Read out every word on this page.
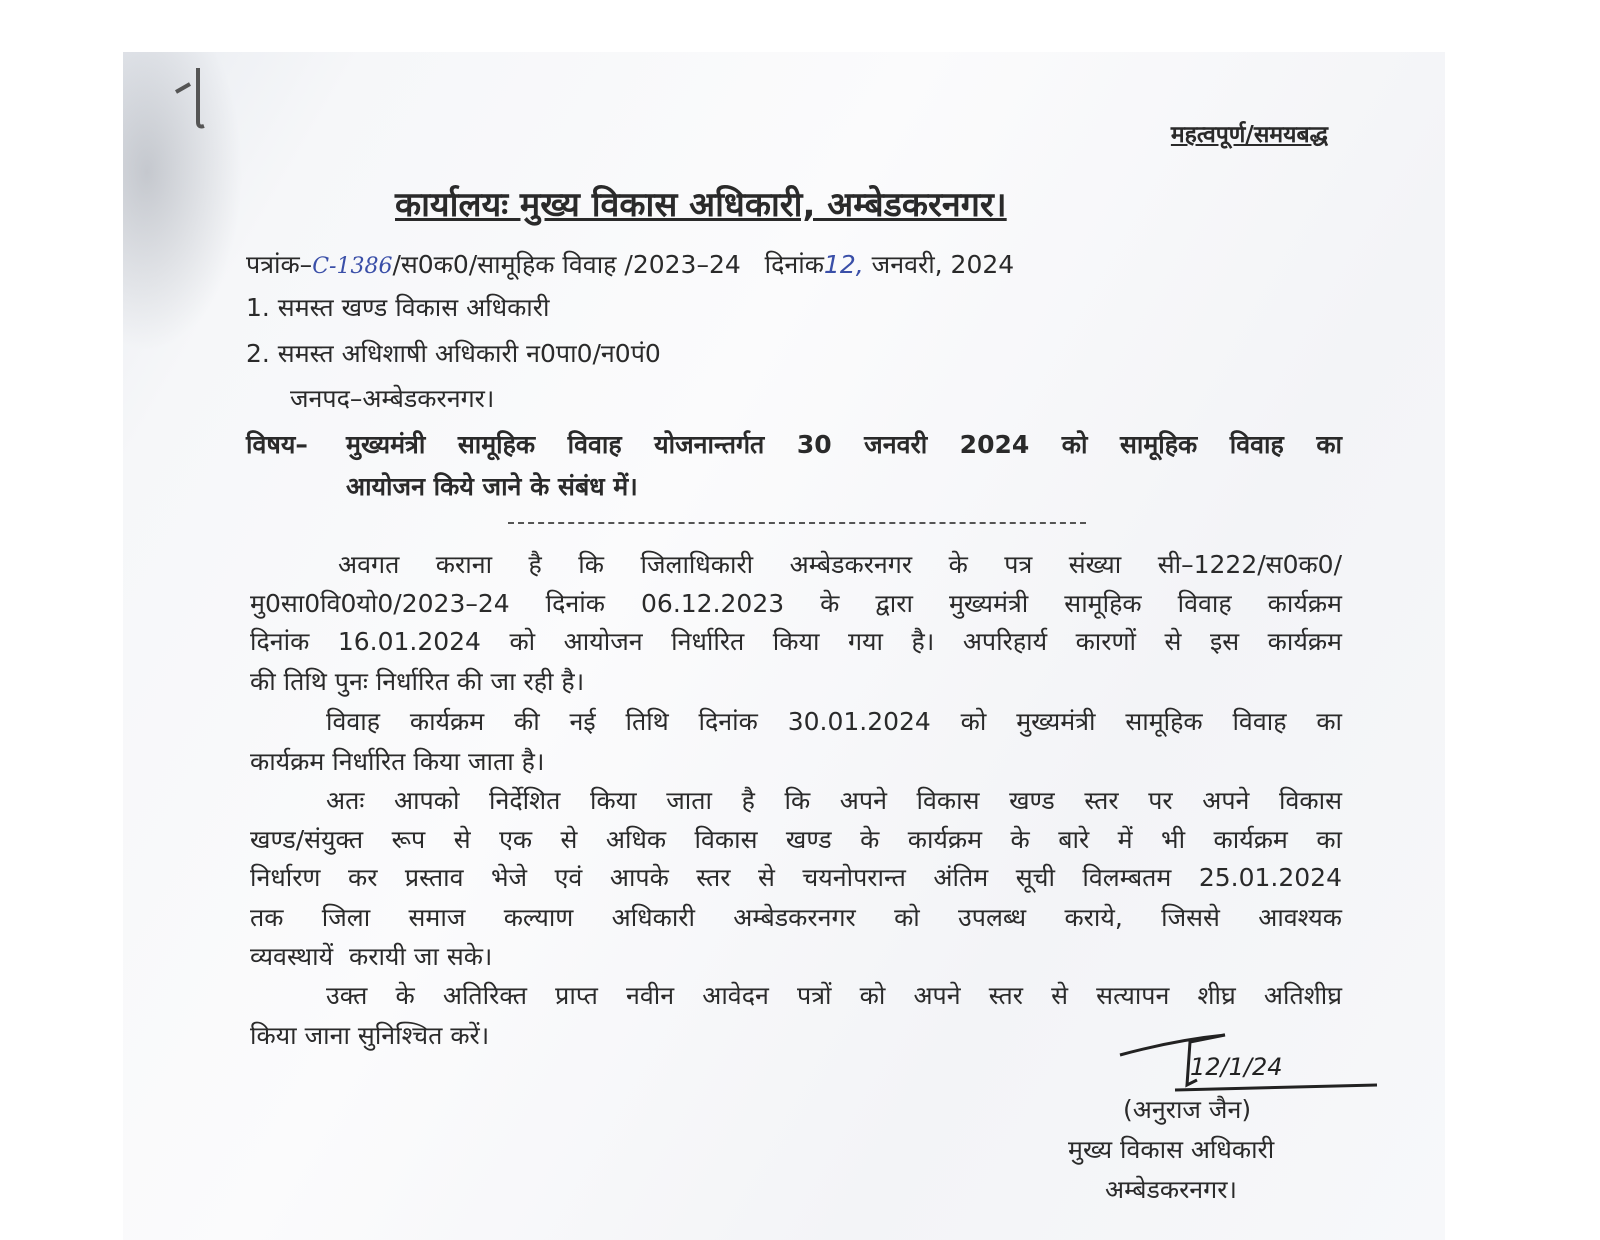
महत्वपूर्ण/समयबद्ध
कार्यालयः मुख्य विकास अधिकारी, अम्बेडकरनगर।
पत्रांक–C-1386/स0क0/सामूहिक विवाह /2023–24 दिनांक12, जनवरी, 2024
1. समस्त खण्ड विकास अधिकारी
2. समस्त अधिशाषी अधिकारी न0पा0/न0पं0
जनपद–अम्बेडकरनगर।
विषय– मुख्यमंत्री सामूहिक विवाह योजनान्तर्गत 30 जनवरी 2024 को सामूहिक विवाह का
आयोजन किये जाने के संबंध में।
अवगत कराना है कि जिलाधिकारी अम्बेडकरनगर के पत्र संख्या सी–1222/स0क0/
मु0सा0वि0यो0/2023–24 दिनांक 06.12.2023 के द्वारा मुख्यमंत्री सामूहिक विवाह कार्यक्रम
दिनांक 16.01.2024 को आयोजन निर्धारित किया गया है। अपरिहार्य कारणों से इस कार्यक्रम
की तिथि पुनः निर्धारित की जा रही है।
विवाह कार्यक्रम की नई तिथि दिनांक 30.01.2024 को मुख्यमंत्री सामूहिक विवाह का
कार्यक्रम निर्धारित किया जाता है।
अतः आपको निर्देशित किया जाता है कि अपने विकास खण्ड स्तर पर अपने विकास
खण्ड/संयुक्त रूप से एक से अधिक विकास खण्ड के कार्यक्रम के बारे में भी कार्यक्रम का
निर्धारण कर प्रस्ताव भेजे एवं आपके स्तर से चयनोपरान्त अंतिम सूची विलम्बतम 25.01.2024
तक जिला समाज कल्याण अधिकारी अम्बेडकरनगर को उपलब्ध कराये, जिससे आवश्यक
व्यवस्थायें  करायी जा सके।
उक्त के अतिरिक्त प्राप्त नवीन आवेदन पत्रों को अपने स्तर से सत्यापन शीघ्र अतिशीघ्र
किया जाना सुनिश्चित करें।
12/1/24
(अनुराज जैन)
मुख्य विकास अधिकारी
अम्बेडकरनगर।
